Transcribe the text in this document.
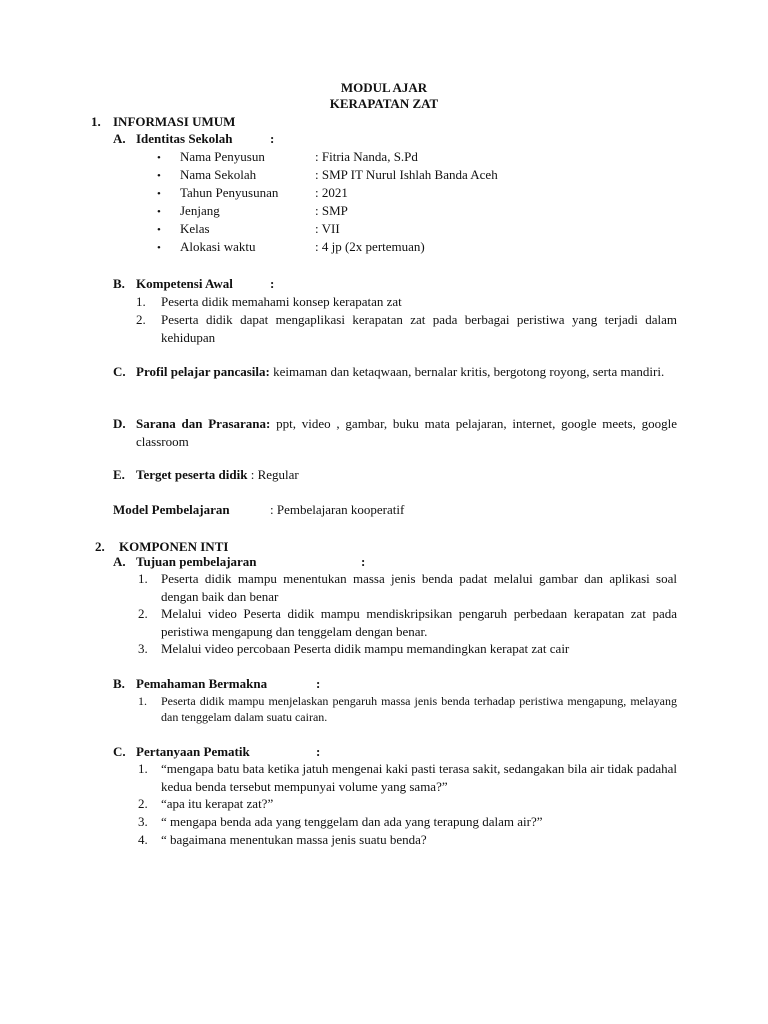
MODUL AJAR
KERAPATAN ZAT
1. INFORMASI UMUM
A. Identitas Sekolah	:
• Nama Penyusun	: Fitria Nanda, S.Pd
• Nama Sekolah	: SMP IT Nurul Ishlah Banda Aceh
• Tahun Penyusunan	: 2021
• Jenjang	: SMP
• Kelas	: VII
• Alokasi waktu	: 4 jp (2x pertemuan)
B. Kompetensi Awal	:
1. Peserta didik memahami konsep kerapatan zat
2. Peserta didik dapat mengaplikasi kerapatan zat pada berbagai peristiwa yang terjadi dalam kehidupan
C. Profil pelajar pancasila: keimaman dan ketaqwaan, bernalar kritis, bergotong royong, serta mandiri.
D. Sarana dan Prasarana: ppt, video , gambar, buku mata pelajaran, internet, google meets, google classroom
E. Terget peserta didik : Regular
Model Pembelajaran	: Pembelajaran kooperatif
2. KOMPONEN INTI
A. Tujuan pembelajaran	:
1. Peserta didik mampu menentukan massa jenis benda padat melalui gambar dan aplikasi soal dengan baik dan benar
2. Melalui video Peserta didik mampu mendiskripsikan pengaruh perbedaan kerapatan zat pada peristiwa mengapung dan tenggelam dengan benar.
3. Melalui video percobaan Peserta didik mampu memandingkan kerapat zat cair
B. Pemahaman Bermakna	:
1. Peserta didik mampu menjelaskan pengaruh massa jenis benda terhadap peristiwa mengapung, melayang dan tenggelam dalam suatu cairan.
C. Pertanyaan Pematik	:
1. “mengapa batu bata ketika jatuh mengenai kaki pasti terasa sakit, sedangakan bila air tidak padahal kedua benda tersebut mempunyai volume yang sama?”
2. “apa itu kerapat zat?”
3. “ mengapa benda ada yang tenggelam dan ada yang terapung dalam air?”
4. “ bagaimana menentukan massa jenis suatu benda?
